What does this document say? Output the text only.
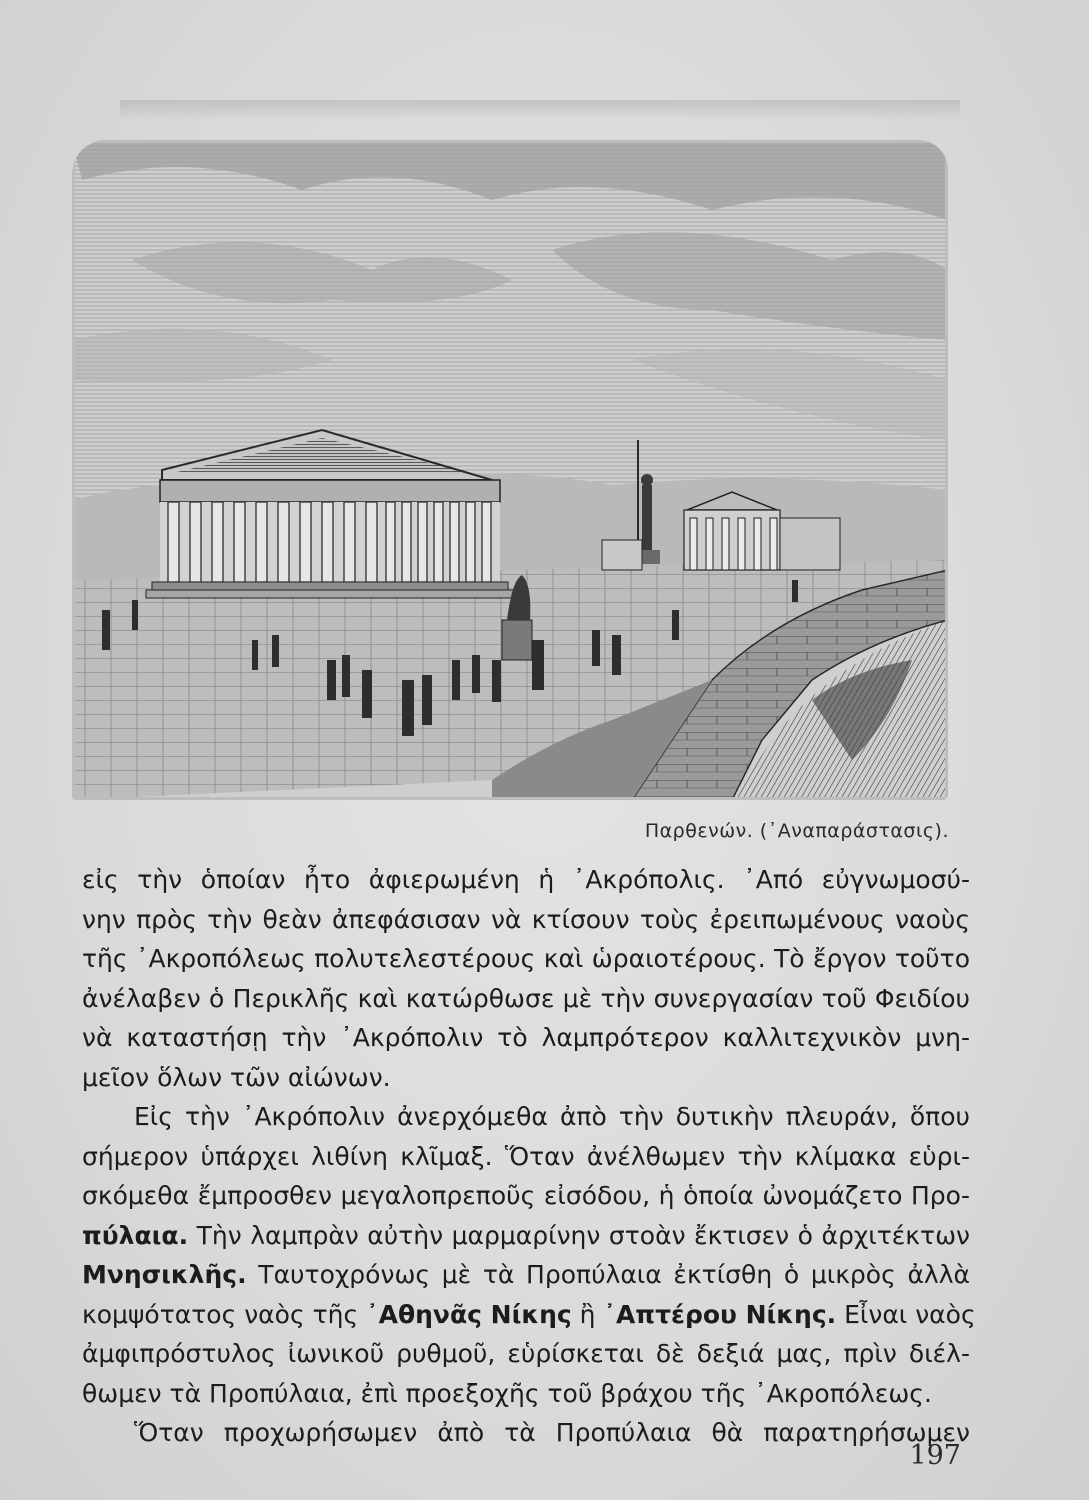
Παρθενών. (᾿Αναπαράστασις).
εἰς τὴν ὁποίαν ἦτο ἀφιερωμένη ἡ ᾿Ακρόπολις. ᾿Από εὐγνωμοσύ-
νην πρὸς τὴν θεὰν ἀπεφάσισαν νὰ κτίσουν τοὺς ἐρειπωμένους ναοὺς
τῆς ᾿Ακροπόλεως πολυτελεστέρους καὶ ὡραιοτέρους. Τὸ ἔργον τοῦτο
ἀνέλαβεν ὁ Περικλῆς καὶ κατώρθωσε μὲ τὴν συνεργασίαν τοῦ Φειδίου
νὰ καταστήσῃ τὴν ᾿Ακρόπολιν τὸ λαμπρότερον καλλιτεχνικὸν μνη-
μεῖον ὅλων τῶν αἰώνων.
Εἰς τὴν ᾿Ακρόπολιν ἀνερχόμεθα ἀπὸ τὴν δυτικὴν πλευράν, ὅπου
σήμερον ὑπάρχει λιθίνη κλῖμαξ. Ὅταν ἀνέλθωμεν τὴν κλίμακα εὑρι-
σκόμεθα ἔμπροσθεν μεγαλοπρεποῦς εἰσόδου, ἡ ὁποία ὠνομάζετο Προ-
πύλαια. Τὴν λαμπρὰν αὐτὴν μαρμαρίνην στοὰν ἔκτισεν ὁ ἀρχιτέκτων
Μνησικλῆς. Ταυτοχρόνως μὲ τὰ Προπύλαια ἐκτίσθη ὁ μικρὸς ἀλλὰ
κομψότατος ναὸς τῆς ᾿Αθηνᾶς Νίκης ἢ ᾿Απτέρου Νίκης. Εἶναι ναὸς
ἀμφιπρόστυλος ἰωνικοῦ ρυθμοῦ, εὑρίσκεται δὲ δεξιά μας, πρὶν διέλ-
θωμεν τὰ Προπύλαια, ἐπὶ προεξοχῆς τοῦ βράχου τῆς ᾿Ακροπόλεως.
Ὅταν προχωρήσωμεν ἀπὸ τὰ Προπύλαια θὰ παρατηρήσωμεν
197
